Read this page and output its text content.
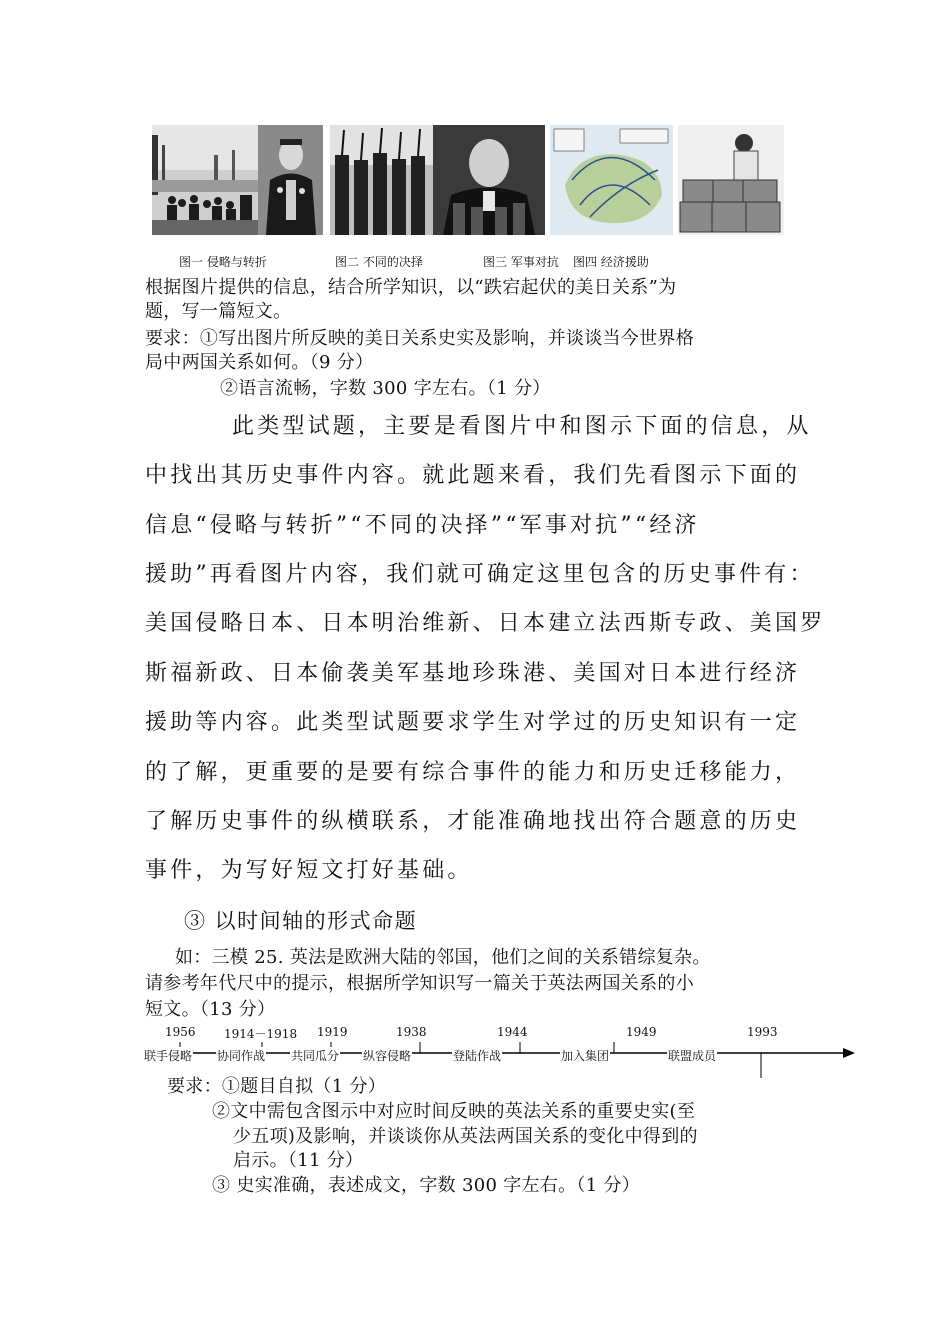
图一 侵略与转折	图二 不同的决择	图三 军事对抗 图四 经济援助
根据图片提供的信息，结合所学知识，以“跌宕起伏的美日关系”为
题，写一篇短文。
要求：①写出图片所反映的美日关系史实及影响，并谈谈当今世界格
局中两国关系如何。（9 分）
②语言流畅，字数 300 字左右。（1 分）
此类型试题，主要是看图片中和图示下面的信息，从
中找出其历史事件内容。就此题来看，我们先看图示下面的
信息“侵略与转折”“不同的决择”“军事对抗”“经济
援助”再看图片内容，我们就可确定这里包含的历史事件有：
美国侵略日本、日本明治维新、日本建立法西斯专政、美国罗
斯福新政、日本偷袭美军基地珍珠港、美国对日本进行经济
援助等内容。此类型试题要求学生对学过的历史知识有一定
的了解，更重要的是要有综合事件的能力和历史迁移能力，
了解历史事件的纵横联系，才能准确地找出符合题意的历史
事件，为写好短文打好基础。
③ 以时间轴的形式命题
如：三模 25. 英法是欧洲大陆的邻国，他们之间的关系错综复杂。
请参考年代尺中的提示，根据所学知识写一篇关于英法两国关系的小
短文。（13 分）
1956 1914－1918 1919	1938	1944	1949	1993
联手侵略 协同作战 共同瓜分 纵容侵略	登陆作战	加入集团	联盟成员
要求：①题目自拟（1 分）
②文中需包含图示中对应时间反映的英法关系的重要史实(至
少五项)及影响，并谈谈你从英法两国关系的变化中得到的
启示。（11 分）
③ 史实准确，表述成文，字数 300 字左右。（1 分）
